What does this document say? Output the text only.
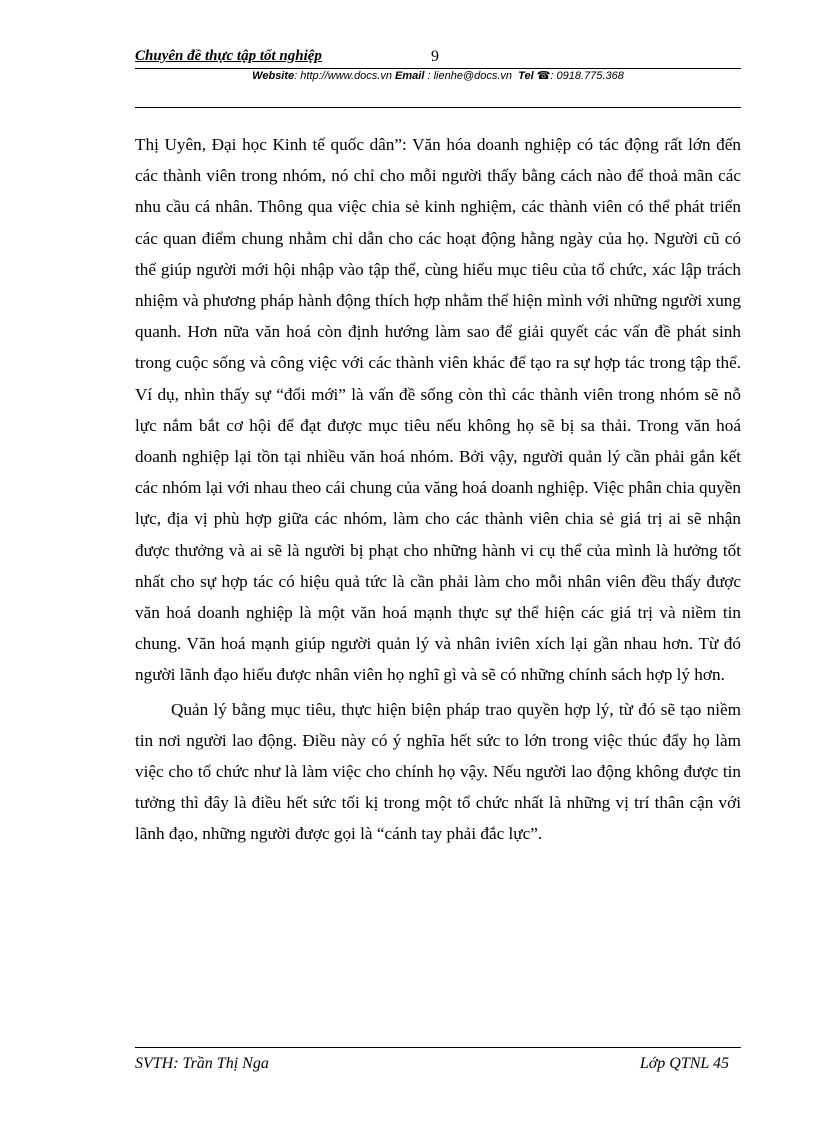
Chuyên đề thực tập tốt nghiệp	9
Website: http://www.docs.vn Email : lienhe@docs.vn Tel ☎: 0918.775.368

Thị Uyên, Đại học Kinh tế quốc dân”: Văn hóa doanh nghiệp có tác động rất lớn đến các thành viên trong nhóm, nó chỉ cho mỗi người thấy bằng cách nào để thoả mãn các nhu cầu cá nhân. Thông qua việc chia sẻ kinh nghiệm, các thành viên có thể phát triển các quan điểm chung nhằm chỉ dẫn cho các hoạt động hằng ngày của họ. Người cũ có thể giúp người mới hội nhập vào tập thể, cùng hiểu mục tiêu của tổ chức, xác lập trách nhiệm và phương pháp hành động thích hợp nhằm thể hiện mình với những người xung quanh. Hơn nữa văn hoá còn định hướng làm sao để giải quyết các vấn đề phát sinh trong cuộc sống và công việc với các thành viên khác để tạo ra sự hợp tác trong tập thể. Ví dụ, nhìn thấy sự “đổi mới” là vấn đề sống còn thì các thành viên trong nhóm sẽ nỗ lực nắm bắt cơ hội để đạt được mục tiêu nếu không họ sẽ bị sa thải. Trong văn hoá doanh nghiệp lại tồn tại nhiều văn hoá nhóm. Bởi vậy, người quản lý cần phải gắn kết các nhóm lại với nhau theo cái chung của văng hoá doanh nghiệp. Việc phân chia quyền lực, địa vị phù hợp giữa các nhóm, làm cho các thành viên chia sẻ giá trị ai sẽ nhận được thưởng và ai sẽ là người bị phạt cho những hành vi cụ thể của mình là hưởng tốt nhất cho sự hợp tác có hiệu quả tức là cần phải làm cho mỗi nhân viên đều thấy được văn hoá doanh nghiệp là một văn hoá mạnh thực sự thể hiện các giá trị và niềm tin chung. Văn hoá mạnh giúp người quản lý và nhân iviên xích lại gần nhau hơn. Từ đó người lãnh đạo hiểu được nhân viên họ nghĩ gì và sẽ có những chính sách hợp lý hơn.

Quản lý bằng mục tiêu, thực hiện biện pháp trao quyền hợp lý, từ đó sẽ tạo niềm tin nơi người lao động. Điều này có ý nghĩa hết sức to lớn trong việc thúc đẩy họ làm việc cho tổ chức như là làm việc cho chính họ vậy. Nếu người lao động không được tin tưởng thì đây là điều hết sức tối kị trong một tổ chức nhất là những vị trí thân cận với lãnh đạo, những người được gọi là “cánh tay phải đắc lực”.

SVTH: Trần Thị Nga	Lớp QTNL 45
